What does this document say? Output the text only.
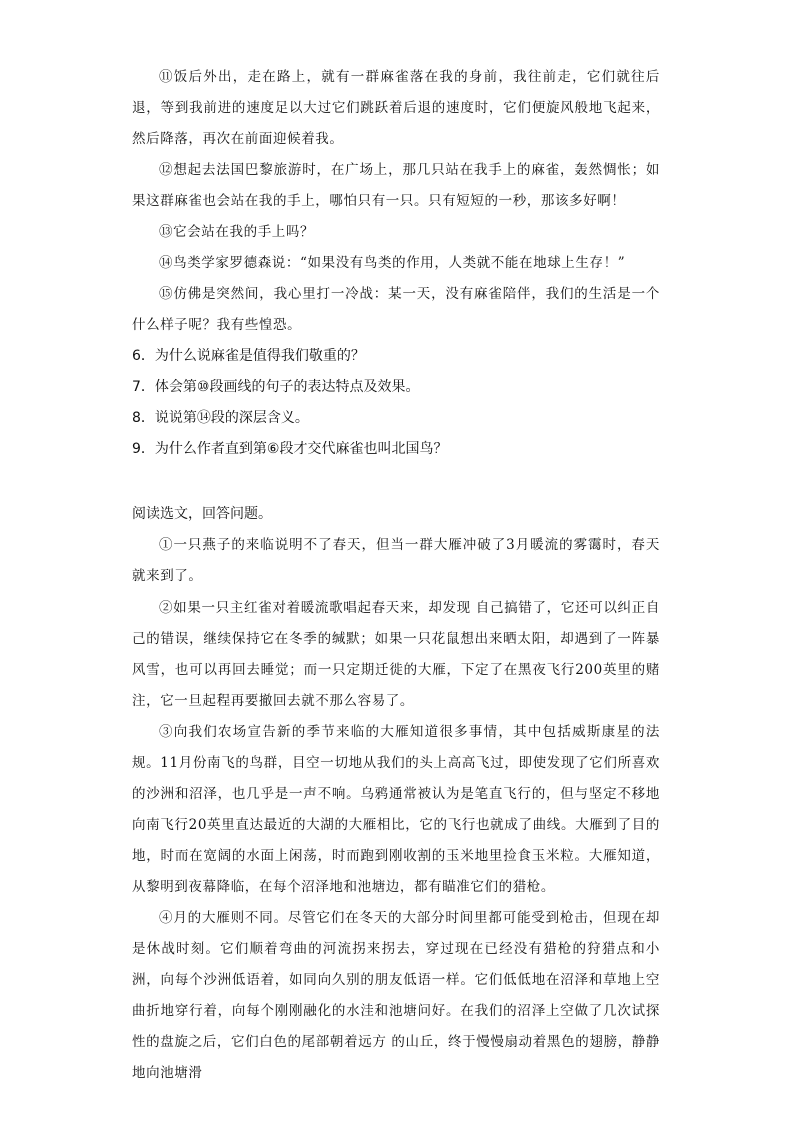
⑪饭后外出，走在路上，就有一群麻雀落在我的身前，我往前走，它们就往后退，等到我前进的速度足以大过它们跳跃着后退的速度时，它们便旋风般地飞起来，然后降落，再次在前面迎候着我。

⑫想起去法国巴黎旅游时，在广场上，那几只站在我手上的麻雀，轰然惆怅；如果这群麻雀也会站在我的手上，哪怕只有一只。只有短短的一秒，那该多好啊！

⑬它会站在我的手上吗？

⑭鸟类学家罗德森说：“如果没有鸟类的作用，人类就不能在地球上生存！”

⑮仿佛是突然间，我心里打一冷战：某一天，没有麻雀陪伴，我们的生活是一个什么样子呢？我有些惶恐。

6．为什么说麻雀是值得我们敬重的？

7．体会第⑩段画线的句子的表达特点及效果。

8．说说第⑭段的深层含义。

9．为什么作者直到第⑥段才交代麻雀也叫北国鸟？

阅读选文，回答问题。

①一只燕子的来临说明不了春天，但当一群大雁冲破了3月暖流的雾霭时，春天就来到了。

②如果一只主红雀对着暖流歌唱起春天来，却发现 自己搞错了，它还可以纠正自己的错误，继续保持它在冬季的缄默；如果一只花鼠想出来晒太阳，却遇到了一阵暴风雪，也可以再回去睡觉；而一只定期迁徙的大雁，下定了在黑夜飞行200英里的赌注，它一旦起程再要撤回去就不那么容易了。

③向我们农场宣告新的季节来临的大雁知道很多事情，其中包括威斯康星的法规。11月份南飞的鸟群，目空一切地从我们的头上高高飞过，即使发现了它们所喜欢的沙洲和沼泽，也几乎是一声不响。乌鸦通常被认为是笔直飞行的，但与坚定不移地向南飞行20英里直达最近的大湖的大雁相比，它的飞行也就成了曲线。大雁到了目的地，时而在宽阔的水面上闲荡，时而跑到刚收割的玉米地里捡食玉米粒。大雁知道，从黎明到夜幕降临，在每个沼泽地和池塘边，都有瞄准它们的猎枪。

④月的大雁则不同。尽管它们在冬天的大部分时间里都可能受到枪击，但现在却是休战时刻。它们顺着弯曲的河流拐来拐去，穿过现在已经没有猎枪的狩猎点和小洲，向每个沙洲低语着，如同向久别的朋友低语一样。它们低低地在沼泽和草地上空曲折地穿行着，向每个刚刚融化的水洼和池塘问好。在我们的沼泽上空做了几次试探性的盘旋之后，它们白色的尾部朝着远方 的山丘，终于慢慢扇动着黑色的翅膀，静静地向池塘滑
